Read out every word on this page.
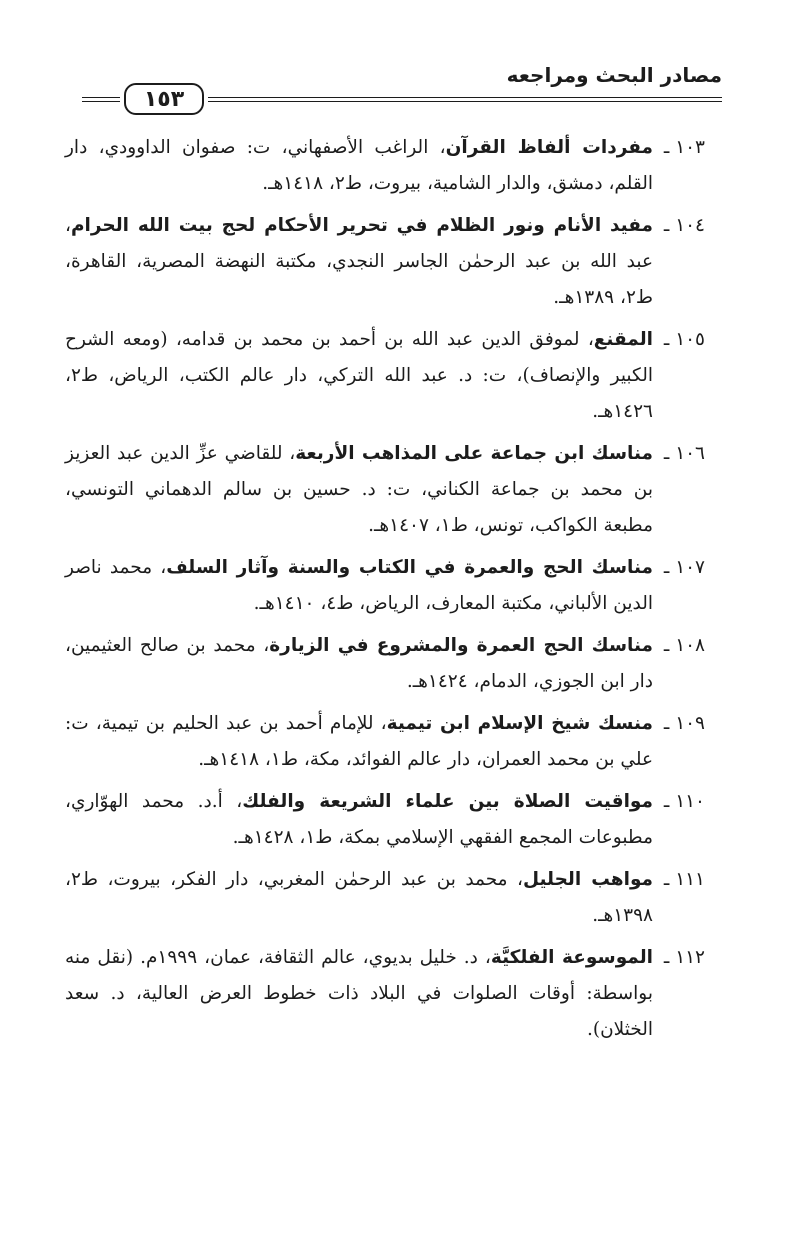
مصادر البحث ومراجعه
١٥٣
١٠٣ ـ
مفردات ألفاظ القرآن، الراغب الأصفهاني، ت: صفوان الداوودي، دار القلم، دمشق، والدار الشامية، بيروت، ط٢، ١٤١٨هـ.
١٠٤ ـ
مفيد الأنام ونور الظلام في تحرير الأحكام لحج بيت الله الحرام، عبد الله بن عبد الرحمٰن الجاسر النجدي، مكتبة النهضة المصرية، القاهرة، ط٢، ١٣٨٩هـ.
١٠٥ ـ
المقنع، لموفق الدين عبد الله بن أحمد بن محمد بن قدامه، (ومعه الشرح الكبير والإنصاف)، ت: د. عبد الله التركي، دار عالم الكتب، الرياض، ط٢، ١٤٢٦هـ.
١٠٦ ـ
مناسك ابن جماعة على المذاهب الأربعة، للقاضي عزِّ الدين عبد العزيز بن محمد بن جماعة الكناني، ت: د. حسين بن سالم الدهماني التونسي، مطبعة الكواكب، تونس، ط١، ١٤٠٧هـ.
١٠٧ ـ
مناسك الحج والعمرة في الكتاب والسنة وآثار السلف، محمد ناصر الدين الألباني، مكتبة المعارف، الرياض، ط٤، ١٤١٠هـ.
١٠٨ ـ
مناسك الحج العمرة والمشروع في الزيارة، محمد بن صالح العثيمين، دار ابن الجوزي، الدمام، ١٤٢٤هـ.
١٠٩ ـ
منسك شيخ الإسلام ابن تيمية، للإمام أحمد بن عبد الحليم بن تيمية، ت: علي بن محمد العمران، دار عالم الفوائد، مكة، ط١، ١٤١٨هـ.
١١٠ ـ
مواقيت الصلاة بين علماء الشريعة والفلك، أ.د. محمد الهوّاري، مطبوعات المجمع الفقهي الإسلامي بمكة، ط١، ١٤٢٨هـ.
١١١ ـ
مواهب الجليل، محمد بن عبد الرحمٰن المغربي، دار الفكر، بيروت، ط٢، ١٣٩٨هـ.
١١٢ ـ
الموسوعة الفلكيَّة، د. خليل بديوي، عالم الثقافة، عمان، ١٩٩٩م. (نقل منه بواسطة: أوقات الصلوات في البلاد ذات خطوط العرض العالية، د. سعد الخثلان).
